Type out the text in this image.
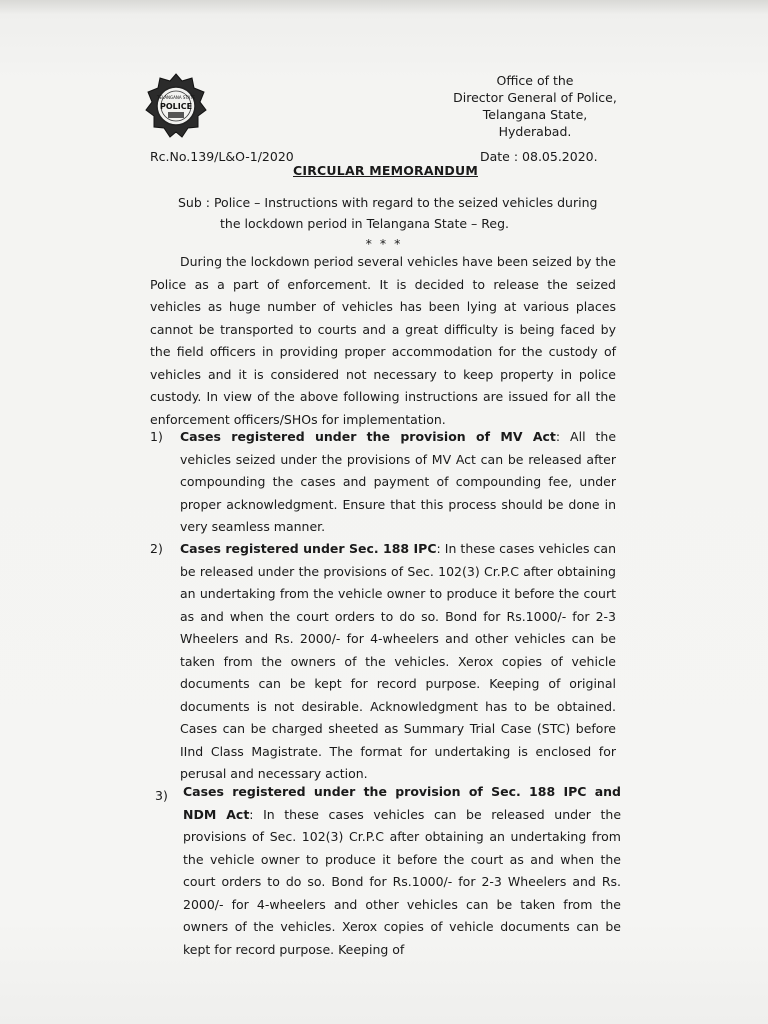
TELANGANA STATE
POLICE
Office of the
Director General of Police,
Telangana State,
Hyderabad.
Rc.No.139/L&O-1/2020	Date : 08.05.2020.
CIRCULAR MEMORANDUM
Sub : Police – Instructions with regard to the seized vehicles during
the lockdown period in Telangana State – Reg.
* * *
During the lockdown period several vehicles have been seized by the Police as a part of enforcement. It is decided to release the seized vehicles as huge number of vehicles has been lying at various places cannot be transported to courts and a great difficulty is being faced by the field officers in providing proper accommodation for the custody of vehicles and it is considered not necessary to keep property in police custody. In view of the above following instructions are issued for all the enforcement officers/SHOs for implementation.
1) Cases registered under the provision of MV Act: All the vehicles seized under the provisions of MV Act can be released after compounding the cases and payment of compounding fee, under proper acknowledgment. Ensure that this process should be done in very seamless manner.
2) Cases registered under Sec. 188 IPC: In these cases vehicles can be released under the provisions of Sec. 102(3) Cr.P.C after obtaining an undertaking from the vehicle owner to produce it before the court as and when the court orders to do so. Bond for Rs.1000/- for 2-3 Wheelers and Rs. 2000/- for 4-wheelers and other vehicles can be taken from the owners of the vehicles. Xerox copies of vehicle documents can be kept for record purpose. Keeping of original documents is not desirable. Acknowledgment has to be obtained. Cases can be charged sheeted as Summary Trial Case (STC) before IInd Class Magistrate. The format for undertaking is enclosed for perusal and necessary action.
3) Cases registered under the provision of Sec. 188 IPC and NDM Act: In these cases vehicles can be released under the provisions of Sec. 102(3) Cr.P.C after obtaining an undertaking from the vehicle owner to produce it before the court as and when the court orders to do so. Bond for Rs.1000/- for 2-3 Wheelers and Rs. 2000/- for 4-wheelers and other vehicles can be taken from the owners of the vehicles. Xerox copies of vehicle documents can be kept for record purpose. Keeping of
